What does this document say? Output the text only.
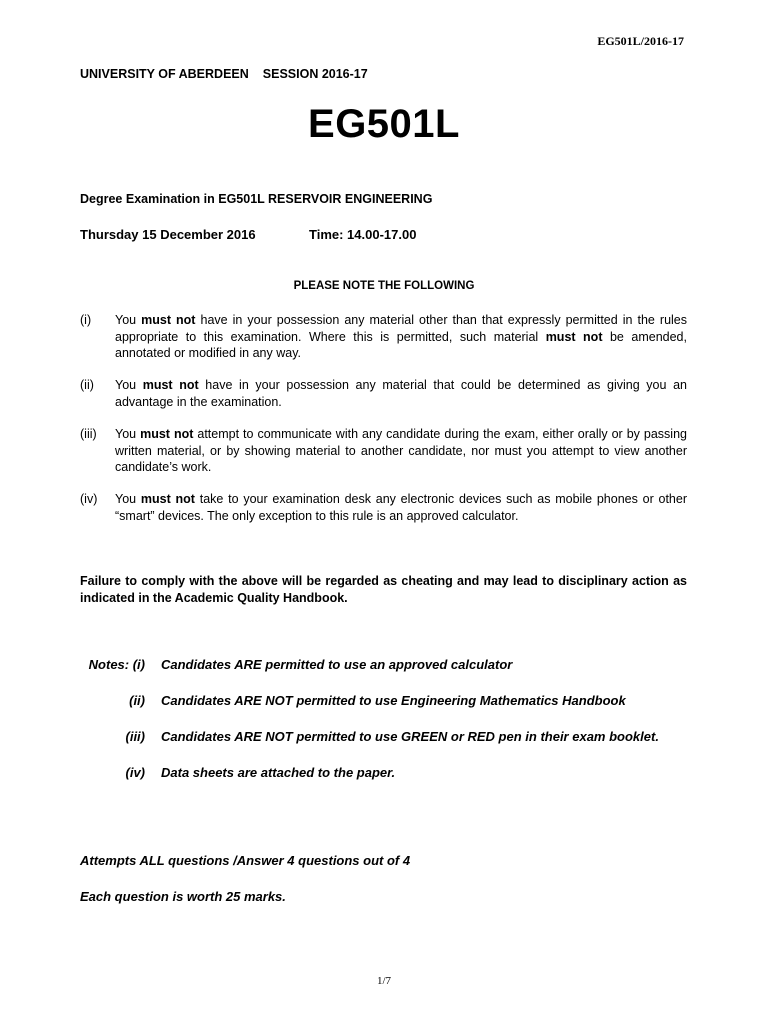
EG501L/2016-17
UNIVERSITY OF ABERDEEN SESSION 2016-17
EG501L
Degree Examination in EG501L RESERVOIR ENGINEERING
Thursday 15 December 2016	Time: 14.00-17.00
PLEASE NOTE THE FOLLOWING
(i) You must not have in your possession any material other than that expressly permitted in the rules appropriate to this examination. Where this is permitted, such material must not be amended, annotated or modified in any way.
(ii) You must not have in your possession any material that could be determined as giving you an advantage in the examination.
(iii) You must not attempt to communicate with any candidate during the exam, either orally or by passing written material, or by showing material to another candidate, nor must you attempt to view another candidate’s work.
(iv) You must not take to your examination desk any electronic devices such as mobile phones or other “smart” devices. The only exception to this rule is an approved calculator.
Failure to comply with the above will be regarded as cheating and may lead to disciplinary action as indicated in the Academic Quality Handbook.
Notes: (i) Candidates ARE permitted to use an approved calculator
(ii) Candidates ARE NOT permitted to use Engineering Mathematics Handbook
(iii) Candidates ARE NOT permitted to use GREEN or RED pen in their exam booklet.
(iv) Data sheets are attached to the paper.
Attempts ALL questions /Answer 4 questions out of 4
Each question is worth 25 marks.
1/7
